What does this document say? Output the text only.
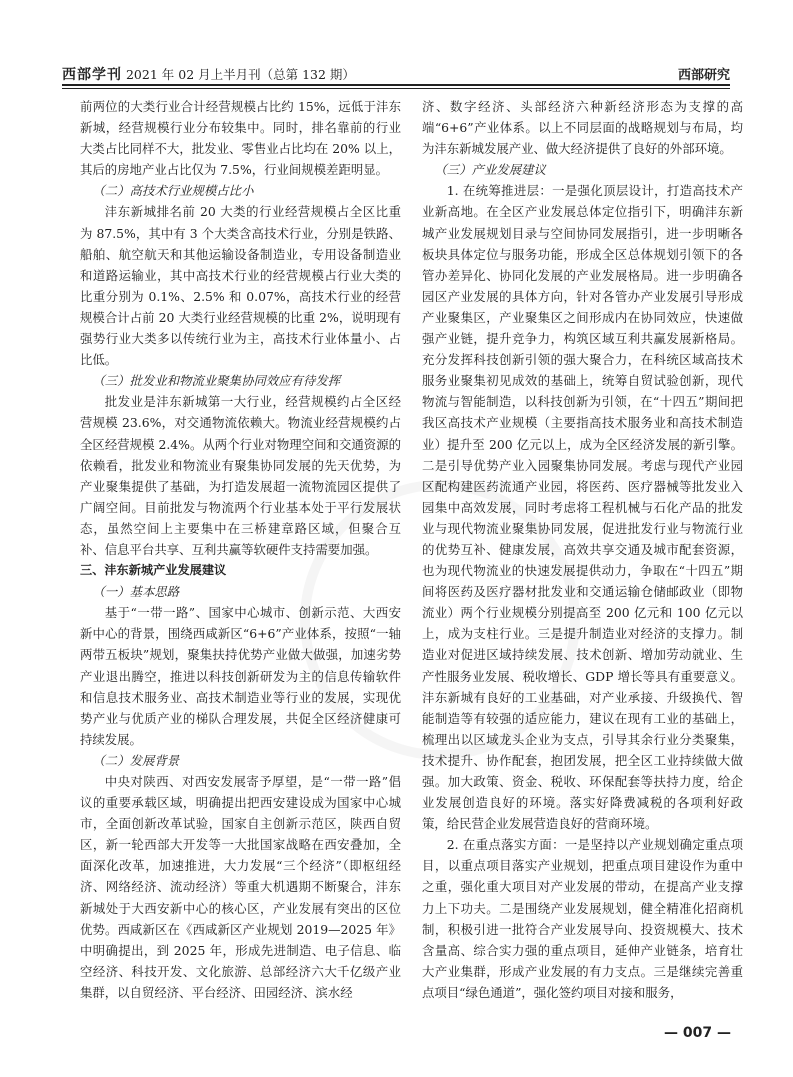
西部学刊 2021 年 02 月上半月刊（总第 132 期）	西部研究

前两位的大类行业合计经营规模占比约 15%，远低于沣东新城，经营规模行业分布较集中。同时，排名靠前的行业大类占比同样不大，批发业、零售业占比均在 20% 以上，其后的房地产业占比仅为 7.5%，行业间规模差距明显。

（二）高技术行业规模占比小

沣东新城排名前 20 大类的行业经营规模占全区比重为 87.5%，其中有 3 个大类含高技术行业，分别是铁路、船舶、航空航天和其他运输设备制造业，专用设备制造业和道路运输业，其中高技术行业的经营规模占行业大类的比重分别为 0.1%、2.5% 和 0.07%，高技术行业的经营规模合计占前 20 大类行业经营规模的比重 2%，说明现有强势行业大类多以传统行业为主，高技术行业体量小、占比低。

（三）批发业和物流业聚集协同效应有待发挥

批发业是沣东新城第一大行业，经营规模约占全区经营规模 23.6%，对交通物流依赖大。物流业经营规模约占全区经营规模 2.4%。从两个行业对物理空间和交通资源的依赖看，批发业和物流业有聚集协同发展的先天优势，为产业聚集提供了基础，为打造发展超一流物流园区提供了广阔空间。目前批发与物流两个行业基本处于平行发展状态，虽然空间上主要集中在三桥建章路区域，但聚合互补、信息平台共享、互利共赢等软硬件支持需要加强。

三、沣东新城产业发展建议

（一）基本思路

基于“一带一路”、国家中心城市、创新示范、大西安新中心的背景，围绕西咸新区“6+6”产业体系，按照“一轴两带五板块”规划，聚集扶持优势产业做大做强，加速劣势产业退出腾空，推进以科技创新研发为主的信息传输软件和信息技术服务业、高技术制造业等行业的发展，实现优势产业与优质产业的梯队合理发展，共促全区经济健康可持续发展。

（二）发展背景

中央对陕西、对西安发展寄予厚望，是“一带一路”倡议的重要承载区域，明确提出把西安建设成为国家中心城市，全面创新改革试验，国家自主创新示范区，陕西自贸区，新一轮西部大开发等一大批国家战略在西安叠加，全面深化改革，加速推进，大力发展“三个经济”（即枢纽经济、网络经济、流动经济）等重大机遇期不断聚合，沣东新城处于大西安新中心的核心区，产业发展有突出的区位优势。西咸新区在《西咸新区产业规划 2019—2025 年》中明确提出，到 2025 年，形成先进制造、电子信息、临空经济、科技开发、文化旅游、总部经济六大千亿级产业集群，以自贸经济、平台经济、田园经济、滨水经

济、数字经济、头部经济六种新经济形态为支撑的高端“6+6”产业体系。以上不同层面的战略规划与布局，均为沣东新城发展产业、做大经济提供了良好的外部环境。

（三）产业发展建议

1. 在统筹推进层：一是强化顶层设计，打造高技术产业新高地。在全区产业发展总体定位指引下，明确沣东新城产业发展规划目录与空间协同发展指引，进一步明晰各板块具体定位与服务功能，形成全区总体规划引领下的各管办差异化、协同化发展的产业发展格局。进一步明确各园区产业发展的具体方向，针对各管办产业发展引导形成产业聚集区，产业聚集区之间形成内在协同效应，快速做强产业链，提升竞争力，构筑区域互利共赢发展新格局。充分发挥科技创新引领的强大聚合力，在科统区域高技术服务业聚集初见成效的基础上，统筹自贸试验创新，现代物流与智能制造，以科技创新为引领，在“十四五”期间把我区高技术产业规模（主要指高技术服务业和高技术制造业）提升至 200 亿元以上，成为全区经济发展的新引擎。二是引导优势产业入园聚集协同发展。考虑与现代产业园区配构建医药流通产业园，将医药、医疗器械等批发业入园集中高效发展，同时考虑将工程机械与石化产品的批发业与现代物流业聚集协同发展，促进批发行业与物流行业的优势互补、健康发展，高效共享交通及城市配套资源，也为现代物流业的快速发展提供动力，争取在“十四五”期间将医药及医疗器材批发业和交通运输仓储邮政业（即物流业）两个行业规模分别提高至 200 亿元和 100 亿元以上，成为支柱行业。三是提升制造业对经济的支撑力。制造业对促进区域持续发展、技术创新、增加劳动就业、生产性服务业发展、税收增长、GDP 增长等具有重要意义。沣东新城有良好的工业基础，对产业承接、升级换代、智能制造等有较强的适应能力，建议在现有工业的基础上，梳理出以区域龙头企业为支点，引导其余行业分类聚集，技术提升、协作配套，抱团发展，把全区工业持续做大做强。加大政策、资金、税收、环保配套等扶持力度，给企业发展创造良好的环境。落实好降费减税的各项利好政策，给民营企业发展营造良好的营商环境。

2. 在重点落实方面：一是坚持以产业规划确定重点项目，以重点项目落实产业规划，把重点项目建设作为重中之重，强化重大项目对产业发展的带动，在提高产业支撑力上下功夫。二是围绕产业发展规划，健全精准化招商机制，积极引进一批符合产业发展导向、投资规模大、技术含量高、综合实力强的重点项目，延伸产业链条，培育壮大产业集群，形成产业发展的有力支点。三是继续完善重点项目“绿色通道”，强化签约项目对接和服务，

— 007 —
